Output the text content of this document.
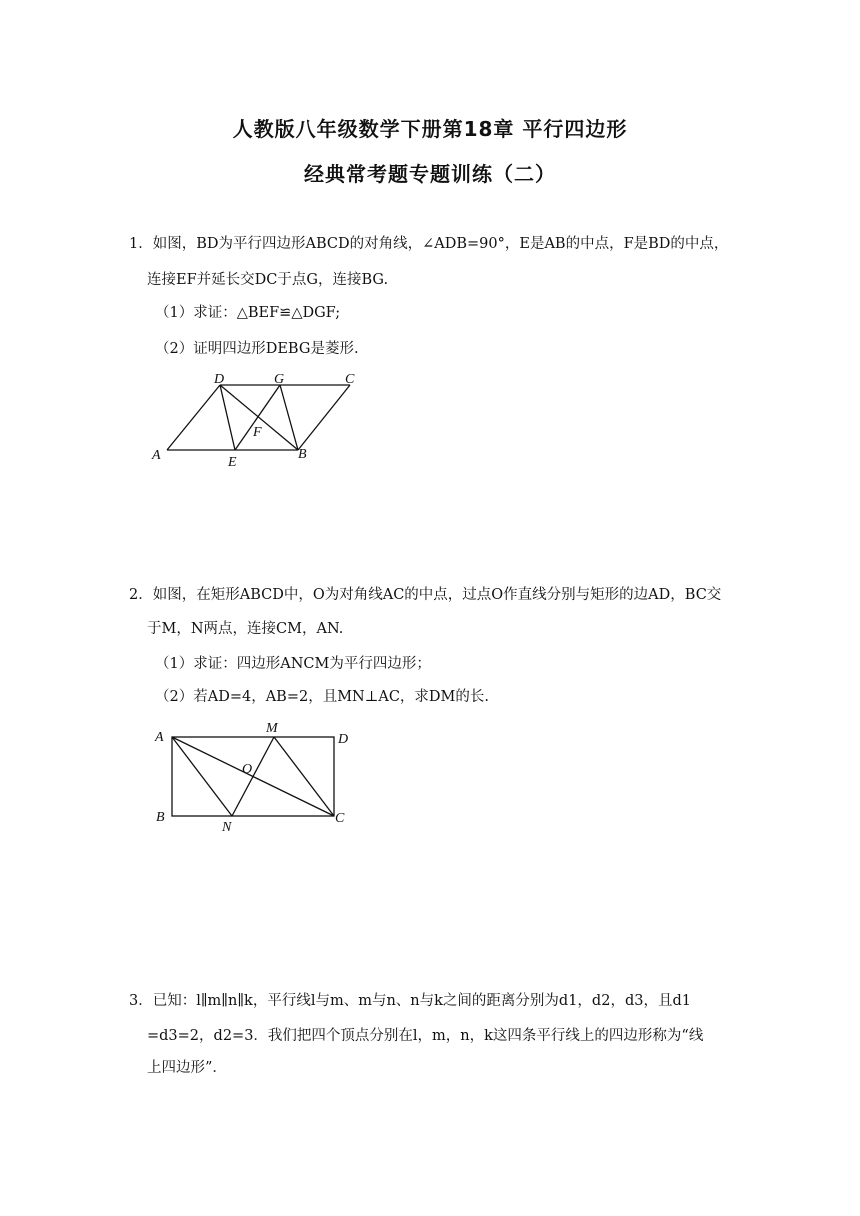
人教版八年级数学下册第18章 平行四边形
经典常考题专题训练（二）
1．如图，BD为平行四边形ABCD的对角线，∠ADB=90°，E是AB的中点，F是BD的中点，
连接EF并延长交DC于点G，连接BG.
（1）求证：△BEF≌△DGF;
（2）证明四边形DEBG是菱形.
D	G	C
A	E
B
F
2．如图，在矩形ABCD中，O为对角线AC的中点，过点O作直线分别与矩形的边AD，BC交
于M，N两点，连接CM，AN.
（1）求证：四边形ANCM为平行四边形；
（2）若AD=4，AB=2，且MN⊥AC，求DM的长.
A
M
D
O
B
N
C
3．已知：l∥m∥n∥k，平行线l与m、m与n、n与k之间的距离分别为d1，d2，d3，且d1
=d3=2，d2=3．我们把四个顶点分别在l，m，n，k这四条平行线上的四边形称为“线
上四边形”．
